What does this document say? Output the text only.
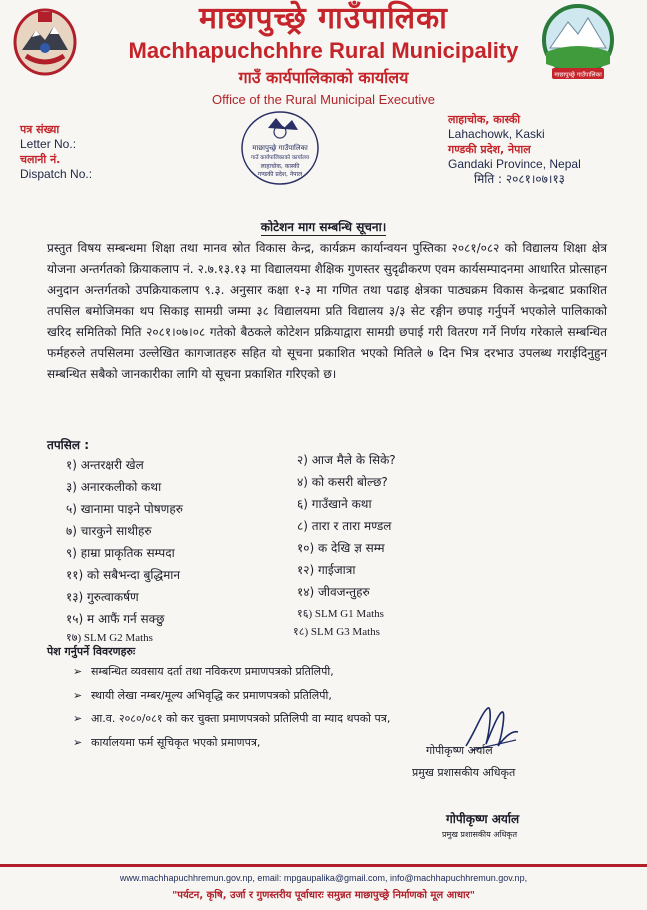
माछापुच्छ्रे गाउँपालिका
माछापुच्छ्रे गाउँपालिका
Machhapuchchhre Rural Municipality
गाउँ कार्यपालिकाको कार्यालय
Office of the Rural Municipal Executive
पत्र संख्या
Letter No.:
चलानी नं.
Dispatch No.:
माछापुच्छ्रे गाउँपालिका
गाउँ कार्यपालिकाको कार्यालय
लाहाचोक, कास्की
गण्डकी प्रदेश, नेपाल
लाहाचोक, कास्की
Lahachowk, Kaski
गण्डकी प्रदेश, नेपाल
Gandaki Province, Nepal
मिति : २०८१।०७।१३
कोटेशन माग सम्बन्धि सूचना।
प्रस्तुत विषय सम्बन्धमा शिक्षा तथा मानव स्रोत विकास केन्द्र, कार्यक्रम कार्यान्वयन पुस्तिका २०८१/०८२ को विद्यालय शिक्षा क्षेत्र योजना अन्तर्गतको क्रियाकलाप नं. २.७.१३.१३ मा विद्यालयमा शैक्षिक गुणस्तर सुदृढीकरण एवम कार्यसम्पादनमा आधारित प्रोत्साहन अनुदान अन्तर्गतको उपक्रियाकलाप ९.३. अनुसार कक्षा १-३ मा गणित तथा पढाइ क्षेत्रका पाठ्यक्रम विकास केन्द्रबाट प्रकाशित तपसिल बमोजिमका थप सिकाइ सामग्री जम्मा ३८ विद्यालयमा प्रति विद्यालय ३/३ सेट रङ्गीन छपाइ गर्नुपर्ने भएकोले पालिकाको खरिद समितिको मिति २०८१।०७।०८ गतेको बैठकले कोटेशन प्रक्रियाद्वारा सामग्री छपाई गरी वितरण गर्ने निर्णय गरेकाले सम्बन्धित फर्महरुले तपसिलमा उल्लेखित कागजातहरु सहित यो सूचना प्रकाशित भएको मितिले ७ दिन भित्र दरभाउ उपलब्ध गराईदिनुहुन सम्बन्धित सबैको जानकारीका लागि यो सूचना प्रकाशित गरिएको छ।
तपसिल :
१) अन्तरक्षरी खेल	२) आज मैले के सिके?
३) अनारकलीको कथा	४) को कसरी बोल्छ?
५) खानामा पाइने पोषणहरु	६) गाउँखाने कथा
७) चारकुने साथीहरु	८) तारा र तारा मण्डल
९) हाम्रा प्राकृतिक सम्पदा	१०) क देखि ज्ञ सम्म
११) को सबैभन्दा बुद्धिमान	१२) गाईजात्रा
१३) गुरुत्वाकर्षण	१४) जीवजन्तुहरु
१५) म आफैं गर्न सक्छु	१६) SLM G1 Maths
१७) SLM G2 Maths	१८) SLM G3 Maths
पेश गर्नुपर्ने विवरणहरुः
➢ सम्बन्धित व्यवसाय दर्ता तथा नविकरण प्रमाणपत्रको प्रतिलिपी,
➢ स्थायी लेखा नम्बर/मूल्य अभिवृद्धि कर प्रमाणपत्रको प्रतिलिपी,
➢ आ.व. २०८०/०८१ को कर चुक्ता प्रमाणपत्रको प्रतिलिपी वा म्याद थपको पत्र,
➢ कार्यालयमा फर्म सूचिकृत भएको प्रमाणपत्र,
गोपीकृष्ण अर्याल
प्रमुख प्रशासकीय अधिकृत
गोपीकृष्ण अर्याल
प्रमुख प्रशासकीय अधिकृत
www.machhapuchhremun.gov.np, email: mpgaupalika@gmail.com, info@machhapuchhremun.gov.np,
"पर्यटन, कृषि, उर्जा र गुणस्तरीय पूर्वाधारः समुन्नत माछापुच्छ्रे निर्माणको मूल आधार"
